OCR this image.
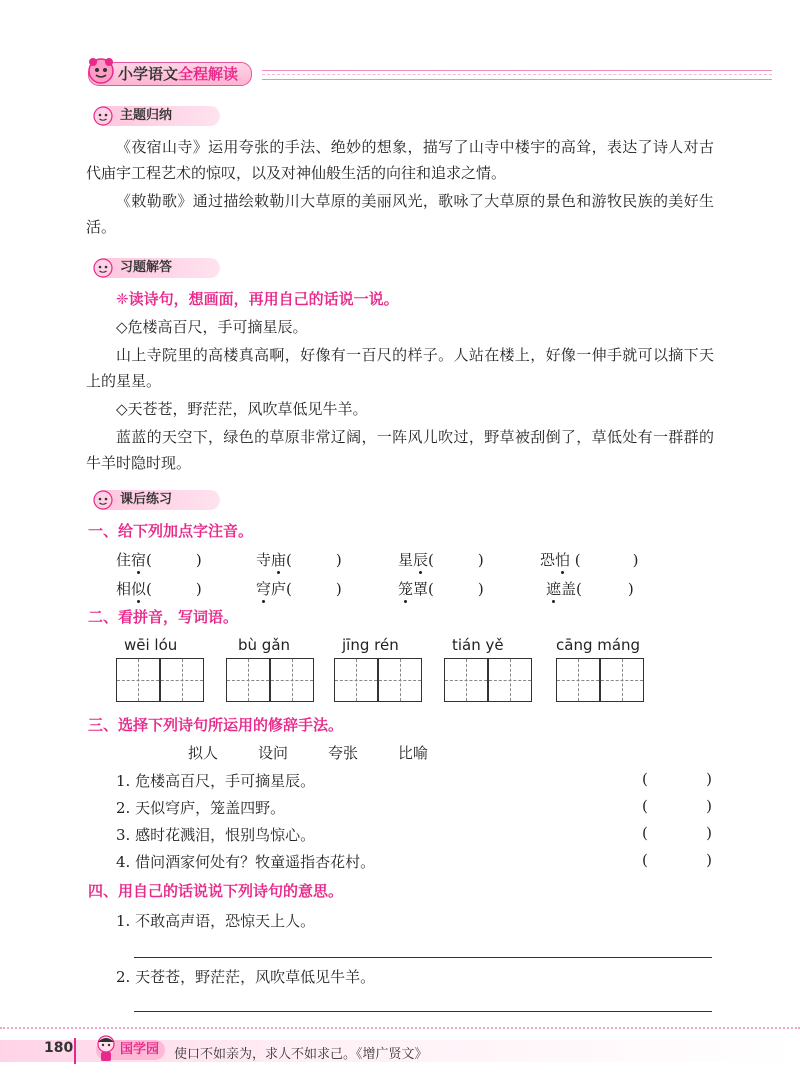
小学语文全程解读
主题归纳

《夜宿山寺》运用夸张的手法、绝妙的想象，描写了山寺中楼宇的高耸，表达了诗人对古代庙宇工程艺术的惊叹，以及对神仙般生活的向往和追求之情。

《敕勒歌》通过描绘敕勒川大草原的美丽风光，歌咏了大草原的景色和游牧民族的美好生活。

习题解答
❈读诗句，想画面，再用自己的话说一说。
◇危楼高百尺，手可摘星辰。

山上寺院里的高楼真高啊，好像有一百尺的样子。人站在楼上，好像一伸手就可以摘下天上的星星。

◇天苍苍，野茫茫，风吹草低见牛羊。

蓝蓝的天空下，绿色的草原非常辽阔，一阵风儿吹过，野草被刮倒了，草低处有一群群的牛羊时隐时现。

课后练习
一、给下列加点字注音。
住宿(	)	寺庙(	)	星辰(	)	恐怕 (	)
相似(	)	穹庐(	)	笼罩(	)	遮盖(	)
二、看拼音，写词语。
wēi lóu	bù gǎn	jīng rén	tián yě	cāng máng
三、选择下列诗句所运用的修辞手法。
拟人	设问	夸张	比喻
1. 危楼高百尺，手可摘星辰。	(	)
2. 天似穹庐，笼盖四野。	(	)
3. 感时花溅泪，恨别鸟惊心。	(	)
4. 借问酒家何处有？牧童遥指杏花村。	(	)
四、用自己的话说说下列诗句的意思。
1. 不敢高声语，恐惊天上人。
2. 天苍苍，野茫茫，风吹草低见牛羊。
180	国学园	使口不如亲为，求人不如求己。《增广贤文》
